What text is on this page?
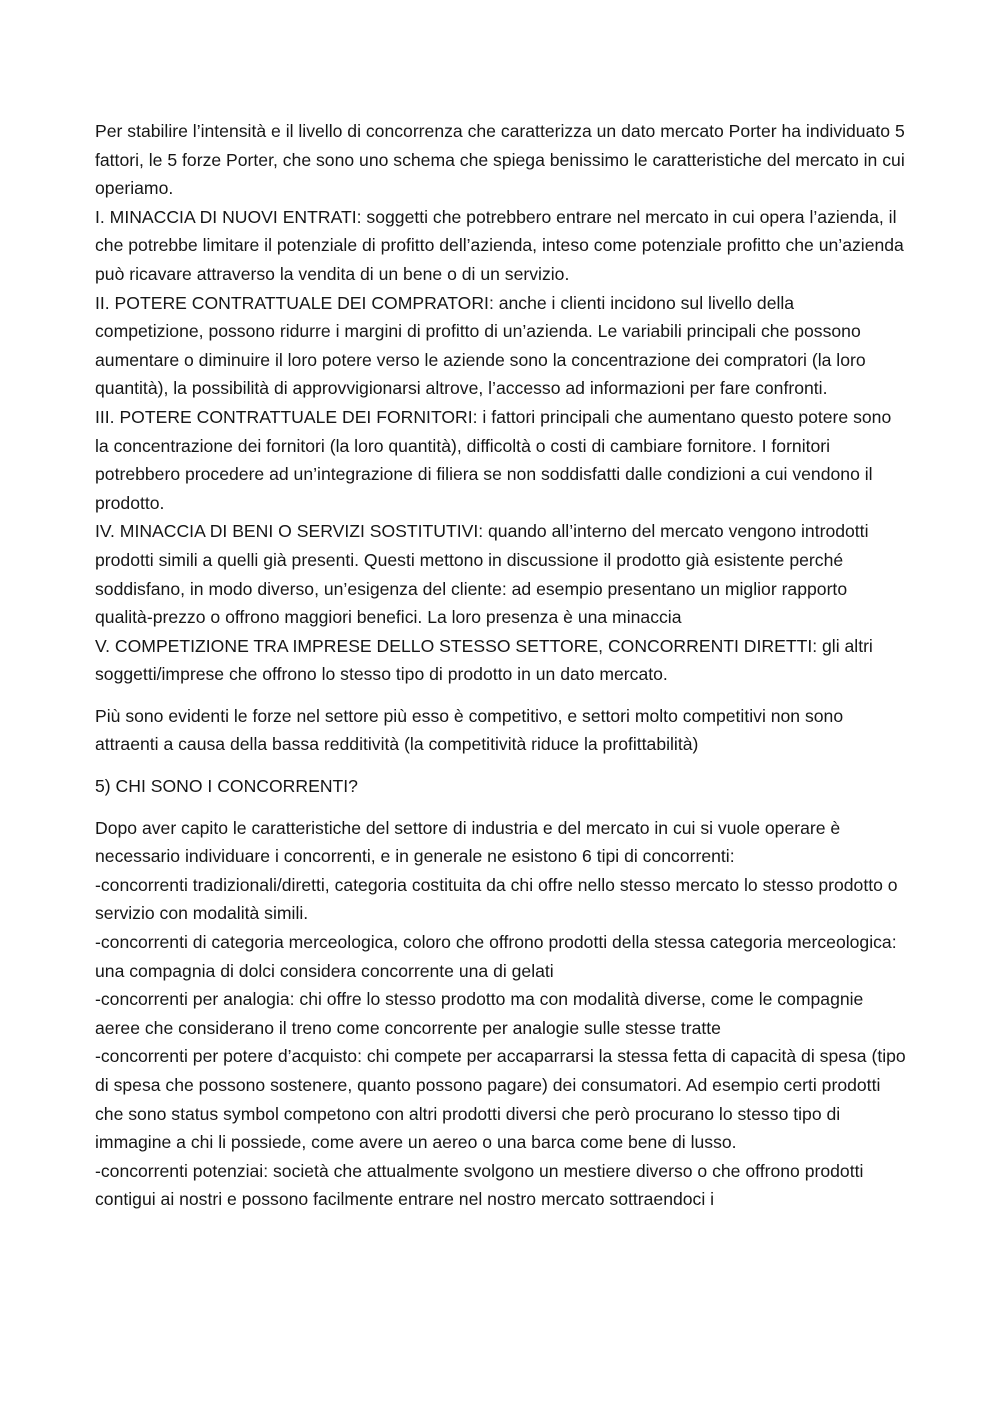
Per stabilire l’intensità e il livello di concorrenza che caratterizza un dato mercato Porter ha individuato 5 fattori, le 5 forze Porter, che sono uno schema che spiega benissimo le caratteristiche del mercato in cui operiamo.

I. MINACCIA DI NUOVI ENTRATI: soggetti che potrebbero entrare nel mercato in cui opera l’azienda, il che potrebbe limitare il potenziale di profitto dell’azienda, inteso come potenziale profitto che un’azienda può ricavare attraverso la vendita di un bene o di un servizio.

II. POTERE CONTRATTUALE DEI COMPRATORI: anche i clienti incidono sul livello della competizione, possono ridurre i margini di profitto di un’azienda. Le variabili principali che possono aumentare o diminuire il loro potere verso le aziende sono la concentrazione dei compratori (la loro quantità), la possibilità di approvvigionarsi altrove, l’accesso ad informazioni per fare confronti.

III. POTERE CONTRATTUALE DEI FORNITORI: i fattori principali che aumentano questo potere sono la concentrazione dei fornitori (la loro quantità), difficoltà o costi di cambiare fornitore. I fornitori potrebbero procedere ad un’integrazione di filiera se non soddisfatti dalle condizioni a cui vendono il prodotto.

IV. MINACCIA DI BENI O SERVIZI SOSTITUTIVI: quando all’interno del mercato vengono introdotti prodotti simili a quelli già presenti. Questi mettono in discussione il prodotto già esistente perché soddisfano, in modo diverso, un’esigenza del cliente: ad esempio presentano un miglior rapporto qualità-prezzo o offrono maggiori benefici. La loro presenza è una minaccia

V. COMPETIZIONE TRA IMPRESE DELLO STESSO SETTORE, CONCORRENTI DIRETTI: gli altri soggetti/imprese che offrono lo stesso tipo di prodotto in un dato mercato.

Più sono evidenti le forze nel settore più esso è competitivo, e settori molto competitivi non sono attraenti a causa della bassa redditività (la competitività riduce la profittabilità)

5) CHI SONO I CONCORRENTI?

Dopo aver capito le caratteristiche del settore di industria e del mercato in cui si vuole operare è necessario individuare i concorrenti, e in generale ne esistono 6 tipi di concorrenti:

-concorrenti tradizionali/diretti, categoria costituita da chi offre nello stesso mercato lo stesso prodotto o servizio con modalità simili.

-concorrenti di categoria merceologica, coloro che offrono prodotti della stessa categoria merceologica: una compagnia di dolci considera concorrente una di gelati

-concorrenti per analogia: chi offre lo stesso prodotto ma con modalità diverse, come le compagnie aeree che considerano il treno come concorrente per analogie sulle stesse tratte

-concorrenti per potere d’acquisto: chi compete per accaparrarsi la stessa fetta di capacità di spesa (tipo di spesa che possono sostenere, quanto possono pagare) dei consumatori. Ad esempio certi prodotti che sono status symbol competono con altri prodotti diversi che però procurano lo stesso tipo di immagine a chi li possiede, come avere un aereo o una barca come bene di lusso.

-concorrenti potenziai: società che attualmente svolgono un mestiere diverso o che offrono prodotti contigui ai nostri e possono facilmente entrare nel nostro mercato sottraendoci i
